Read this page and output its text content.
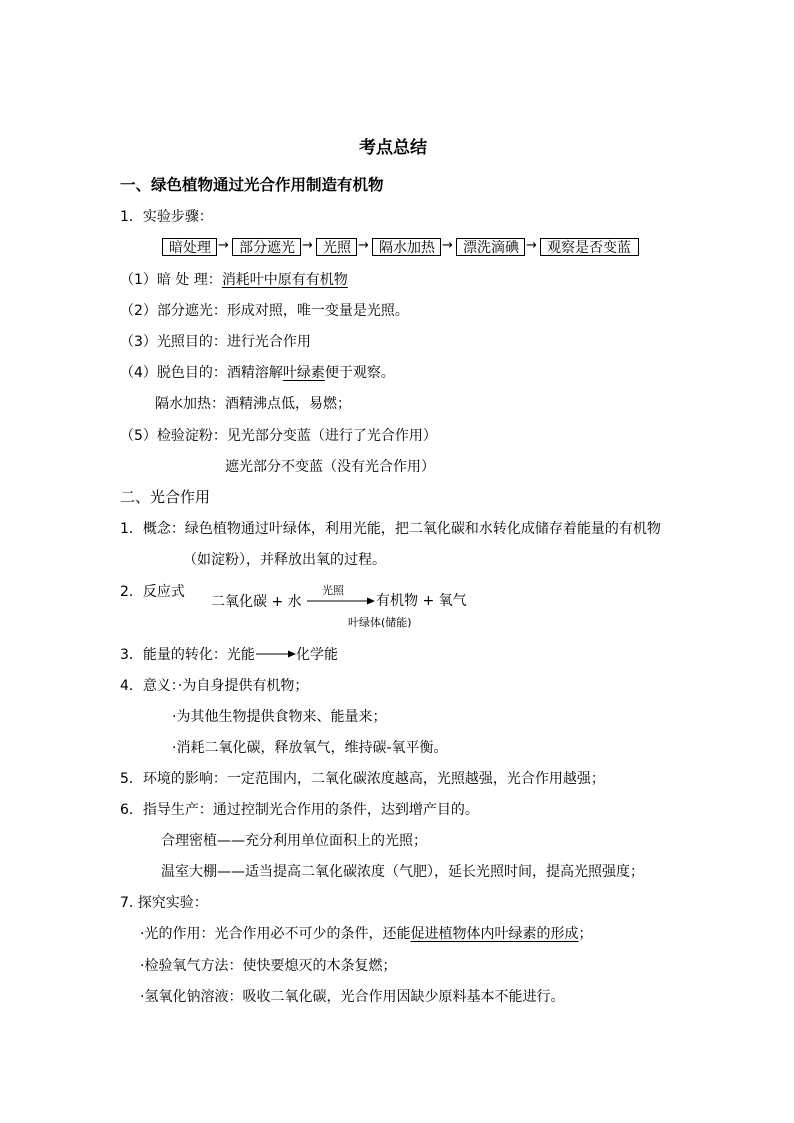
考点总结
一、绿色植物通过光合作用制造有机物
1．实验步骤：
暗处理 → 部分遮光 → 光照 → 隔水加热 → 漂洗滴碘 → 观察是否变蓝
（1）暗 处 理：消耗叶中原有有机物
（2）部分遮光：形成对照，唯一变量是光照。
（3）光照目的：进行光合作用
（4）脱色目的：酒精溶解叶绿素便于观察。
隔水加热：酒精沸点低，易燃；
（5）检验淀粉：见光部分变蓝（进行了光合作用）
遮光部分不变蓝（没有光合作用）
二、光合作用
1．概念：绿色植物通过叶绿体，利用光能，把二氧化碳和水转化成储存着能量的有机物
（如淀粉），并释放出氧的过程。
2．反应式
二氧化碳 + 水
光照
叶绿体(储能)
有机物 + 氧气
3．能量的转化：光能	化学能
4．意义：·为自身提供有机物；
·为其他生物提供食物来、能量来；
·消耗二氧化碳，释放氧气，维持碳-氧平衡。
5．环境的影响：一定范围内，二氧化碳浓度越高，光照越强，光合作用越强；
6．指导生产：通过控制光合作用的条件，达到增产目的。
合理密植——充分利用单位面积上的光照；
温室大棚——适当提高二氧化碳浓度（气肥），延长光照时间，提高光照强度；
7. 探究实验：
·光的作用：光合作用必不可少的条件，还能促进植物体内叶绿素的形成；
·检验氧气方法：使快要熄灭的木条复燃；
·氢氧化钠溶液：吸收二氧化碳，光合作用因缺少原料基本不能进行。
